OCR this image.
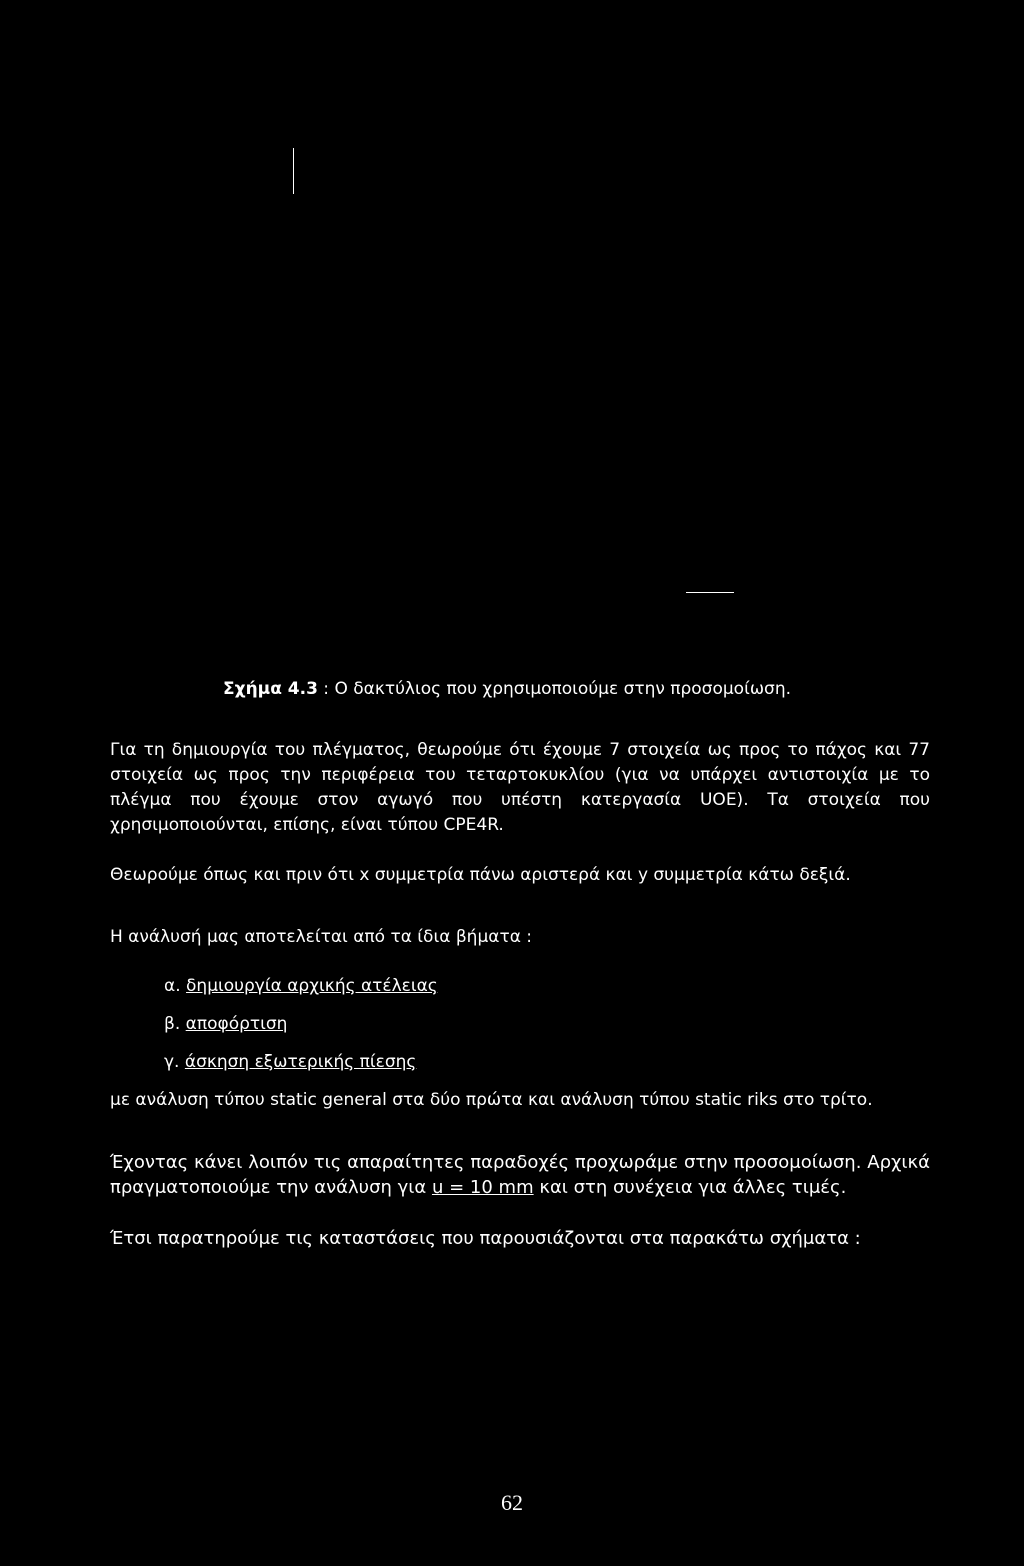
Σχήμα 4.3 : Ο δακτύλιος που χρησιμοποιούμε στην προσομοίωση.

Για τη δημιουργία του πλέγματος, θεωρούμε ότι έχουμε 7 στοιχεία ως προς το πάχος και 77 στοιχεία ως προς την περιφέρεια του τεταρτοκυκλίου (για να υπάρχει αντιστοιχία με το πλέγμα που έχουμε στον αγωγό που υπέστη κατεργασία UOE). Τα στοιχεία που χρησιμοποιούνται, επίσης, είναι τύπου CPE4R.

Θεωρούμε όπως και πριν ότι x συμμετρία πάνω αριστερά και y συμμετρία κάτω δεξιά.

Η ανάλυσή μας αποτελείται από τα ίδια βήματα :

α. δημιουργία αρχικής ατέλειας
β. αποφόρτιση
γ. άσκηση εξωτερικής πίεσης

με ανάλυση τύπου static general στα δύο πρώτα και ανάλυση τύπου static riks στο τρίτο.

Έχοντας κάνει λοιπόν τις απαραίτητες παραδοχές προχωράμε στην προσομοίωση. Αρχικά πραγματοποιούμε την ανάλυση για u = 10 mm και στη συνέχεια για άλλες τιμές.

Έτσι παρατηρούμε τις καταστάσεις που παρουσιάζονται στα παρακάτω σχήματα :

62
